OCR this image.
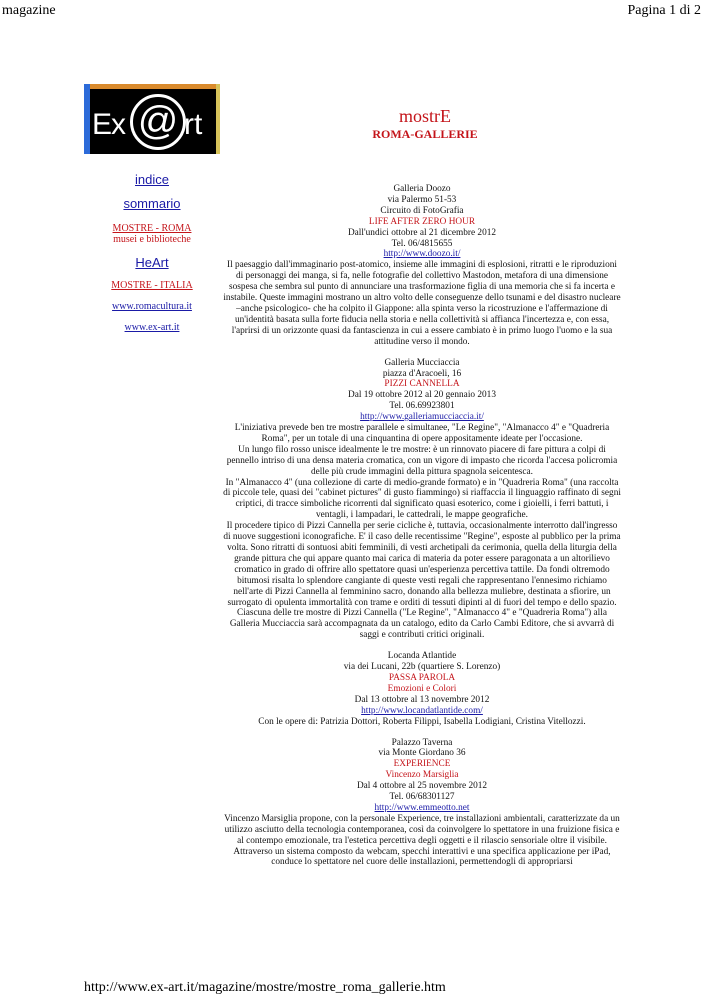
magazine	Pagina 1 di 2
Ex @ rt
indice
sommario
MOSTRE - ROMA
musei e biblioteche
HeArt
MOSTRE - ITALIA
www.romacultura.it
www.ex-art.it
mostrE
ROMA-GALLERIE

Galleria Doozo

via Palermo 51-53

Circuito di FotoGrafia

LIFE AFTER ZERO HOUR

Dall'undici ottobre al 21 dicembre 2012

Tel. 06/4815655

http://www.doozo.it/

Il paesaggio dall'immaginario post-atomico, insieme alle immagini di esplosioni, ritratti e le riproduzioni di personaggi dei manga, si fa, nelle fotografie del collettivo Mastodon, metafora di una dimensione sospesa che sembra sul punto di annunciare una trasformazione figlia di una memoria che si fa incerta e instabile. Queste immagini mostrano un altro volto delle conseguenze dello tsunami e del disastro nucleare –anche psicologico- che ha colpito il Giappone: alla spinta verso la ricostruzione e l'affermazione di un'identità basata sulla forte fiducia nella storia e nella collettività si affianca l'incertezza e, con essa, l'aprirsi di un orizzonte quasi da fantascienza in cui a essere cambiato è in primo luogo l'uomo e la sua attitudine verso il mondo.

Galleria Mucciaccia

piazza d'Aracoeli, 16

PIZZI CANNELLA

Dal 19 ottobre 2012 al 20 gennaio 2013

Tel. 06.69923801

http://www.galleriamucciaccia.it/

L'iniziativa prevede ben tre mostre parallele e simultanee, "Le Regine", "Almanacco 4" e "Quadreria Roma", per un totale di una cinquantina di opere appositamente ideate per l'occasione.

Un lungo filo rosso unisce idealmente le tre mostre: è un rinnovato piacere di fare pittura a colpi di pennello intriso di una densa materia cromatica, con un vigore di impasto che ricorda l'accesa policromia delle più crude immagini della pittura spagnola seicentesca.

In "Almanacco 4" (una collezione di carte di medio-grande formato) e in "Quadreria Roma" (una raccolta di piccole tele, quasi dei "cabinet pictures" di gusto fiammingo) si riaffaccia il linguaggio raffinato di segni criptici, di tracce simboliche ricorrenti dal significato quasi esoterico, come i gioielli, i ferri battuti, i ventagli, i lampadari, le cattedrali, le mappe geografiche.

Il procedere tipico di Pizzi Cannella per serie cicliche è, tuttavia, occasionalmente interrotto dall'ingresso di nuove suggestioni iconografiche. E' il caso delle recentissime "Regine", esposte al pubblico per la prima volta. Sono ritratti di sontuosi abiti femminili, di vesti archetipali da cerimonia, quella della liturgia della grande pittura che qui appare quanto mai carica di materia da poter essere paragonata a un altorilievo cromatico in grado di offrire allo spettatore quasi un'esperienza percettiva tattile. Da fondi oltremodo bitumosi risalta lo splendore cangiante di queste vesti regali che rappresentano l'ennesimo richiamo nell'arte di Pizzi Cannella al femminino sacro, donando alla bellezza muliebre, destinata a sfiorire, un surrogato di opulenta immortalità con trame e orditi di tessuti dipinti al di fuori del tempo e dello spazio.

Ciascuna delle tre mostre di Pizzi Cannella ("Le Regine", "Almanacco 4" e "Quadreria Roma") alla Galleria Mucciaccia sarà accompagnata da un catalogo, edito da Carlo Cambi Editore, che si avvarrà di saggi e contributi critici originali.

Locanda Atlantide

via dei Lucani, 22b (quartiere S. Lorenzo)

PASSA PAROLA

Emozioni e Colori

Dal 13 ottobre al 13 novembre 2012

http://www.locandatlantide.com/

Con le opere di: Patrizia Dottori, Roberta Filippi, Isabella Lodigiani, Cristina Vitellozzi.

Palazzo Taverna

via Monte Giordano 36

EXPERIENCE

Vincenzo Marsiglia

Dal 4 ottobre al 25 novembre 2012

Tel. 06/68301127

http://www.emmeotto.net

Vincenzo Marsiglia propone, con la personale Experience, tre installazioni ambientali, caratterizzate da un utilizzo asciutto della tecnologia contemporanea, così da coinvolgere lo spettatore in una fruizione fisica e al contempo emozionale, tra l'estetica percettiva degli oggetti e il rilascio sensoriale oltre il visibile.

Attraverso un sistema composto da webcam, specchi interattivi e una specifica applicazione per iPad, conduce lo spettatore nel cuore delle installazioni, permettendogli di appropriarsi

http://www.ex-art.it/magazine/mostre/mostre_roma_gallerie.htm
